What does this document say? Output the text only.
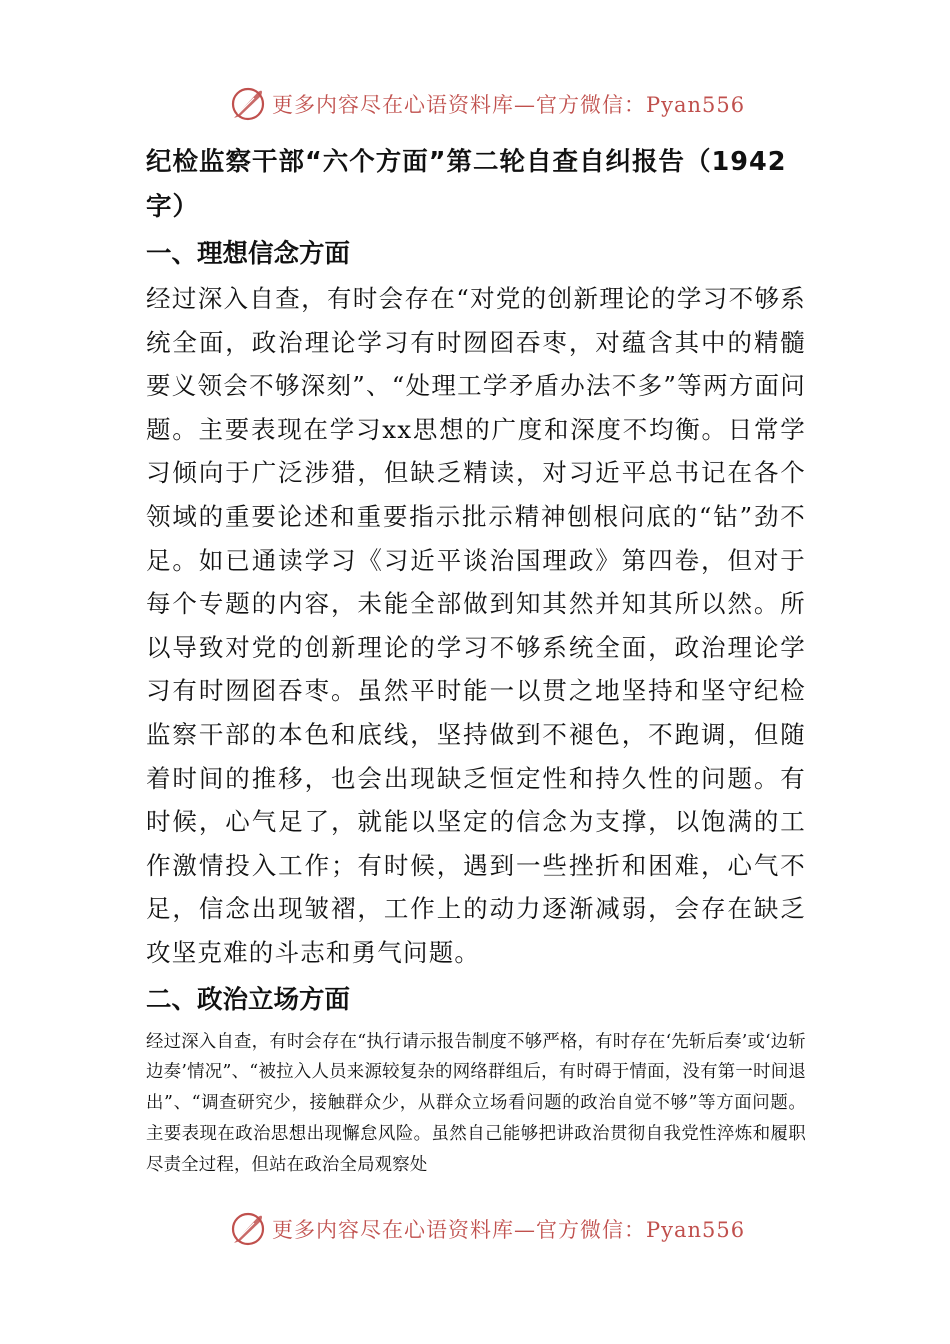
更多内容尽在心语资料库—官方微信：Pyan556

纪检监察干部“六个方面”第二轮自查自纠报告（1942字）

一、理想信念方面

经过深入自查，有时会存在“对党的创新理论的学习不够系统全面，政治理论学习有时囫囵吞枣，对蕴含其中的精髓要义领会不够深刻”、“处理工学矛盾办法不多”等两方面问题。主要表现在学习xx思想的广度和深度不均衡。日常学习倾向于广泛涉猎，但缺乏精读，对习近平总书记在各个领域的重要论述和重要指示批示精神刨根问底的“钻”劲不足。如已通读学习《习近平谈治国理政》第四卷，但对于每个专题的内容，未能全部做到知其然并知其所以然。所以导致对党的创新理论的学习不够系统全面，政治理论学习有时囫囵吞枣。虽然平时能一以贯之地坚持和坚守纪检监察干部的本色和底线，坚持做到不褪色，不跑调，但随着时间的推移，也会出现缺乏恒定性和持久性的问题。有时候，心气足了，就能以坚定的信念为支撑，以饱满的工作激情投入工作；有时候，遇到一些挫折和困难，心气不足，信念出现皱褶，工作上的动力逐渐减弱，会存在缺乏攻坚克难的斗志和勇气问题。

二、政治立场方面

经过深入自查，有时会存在“执行请示报告制度不够严格，有时存在‘先斩后奏’或‘边斩边奏’情况”、“被拉入人员来源较复杂的网络群组后，有时碍于情面，没有第一时间退出”、“调查研究少，接触群众少，从群众立场看问题的政治自觉不够”等方面问题。主要表现在政治思想出现懈怠风险。虽然自己能够把讲政治贯彻自我党性淬炼和履职尽责全过程，但站在政治全局观察处

更多内容尽在心语资料库—官方微信：Pyan556
